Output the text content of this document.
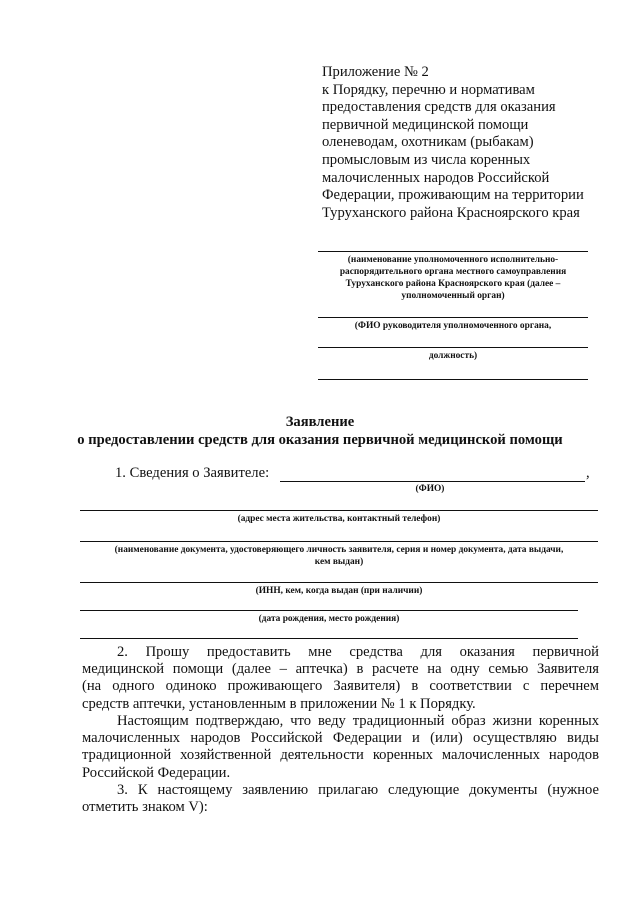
Приложение № 2
к Порядку, перечню и нормативам
предоставления средств для оказания
первичной медицинской помощи
оленеводам, охотникам (рыбакам)
промысловым из числа коренных
малочисленных народов Российской
Федерации, проживающим на территории
Туруханского района Красноярского края
(наименование уполномоченного исполнительно-
распорядительного органа местного самоуправления
Туруханского района Красноярского края (далее –
уполномоченный орган)
(ФИО руководителя уполномоченного органа,
должность)
Заявление
о предоставлении средств для оказания первичной медицинской помощи
1. Сведения о Заявителе:	,
(ФИО)
(адрес места жительства, контактный телефон)
(наименование документа, удостоверяющего личность заявителя, серия и номер документа, дата выдачи,
кем выдан)
(ИНН, кем, когда выдан (при наличии)
(дата рождения, место рождения)
2. Прошу предоставить мне средства для оказания первичной
медицинской помощи (далее – аптечка) в расчете на одну семью Заявителя
(на одного одиноко проживающего Заявителя) в соответствии с перечнем
средств аптечки, установленным в приложении № 1 к Порядку.
Настоящим подтверждаю, что веду традиционный образ жизни коренных
малочисленных народов Российской Федерации и (или) осуществляю виды
традиционной хозяйственной деятельности коренных малочисленных народов
Российской Федерации.
3. К настоящему заявлению прилагаю следующие документы (нужное
отметить знаком V):
